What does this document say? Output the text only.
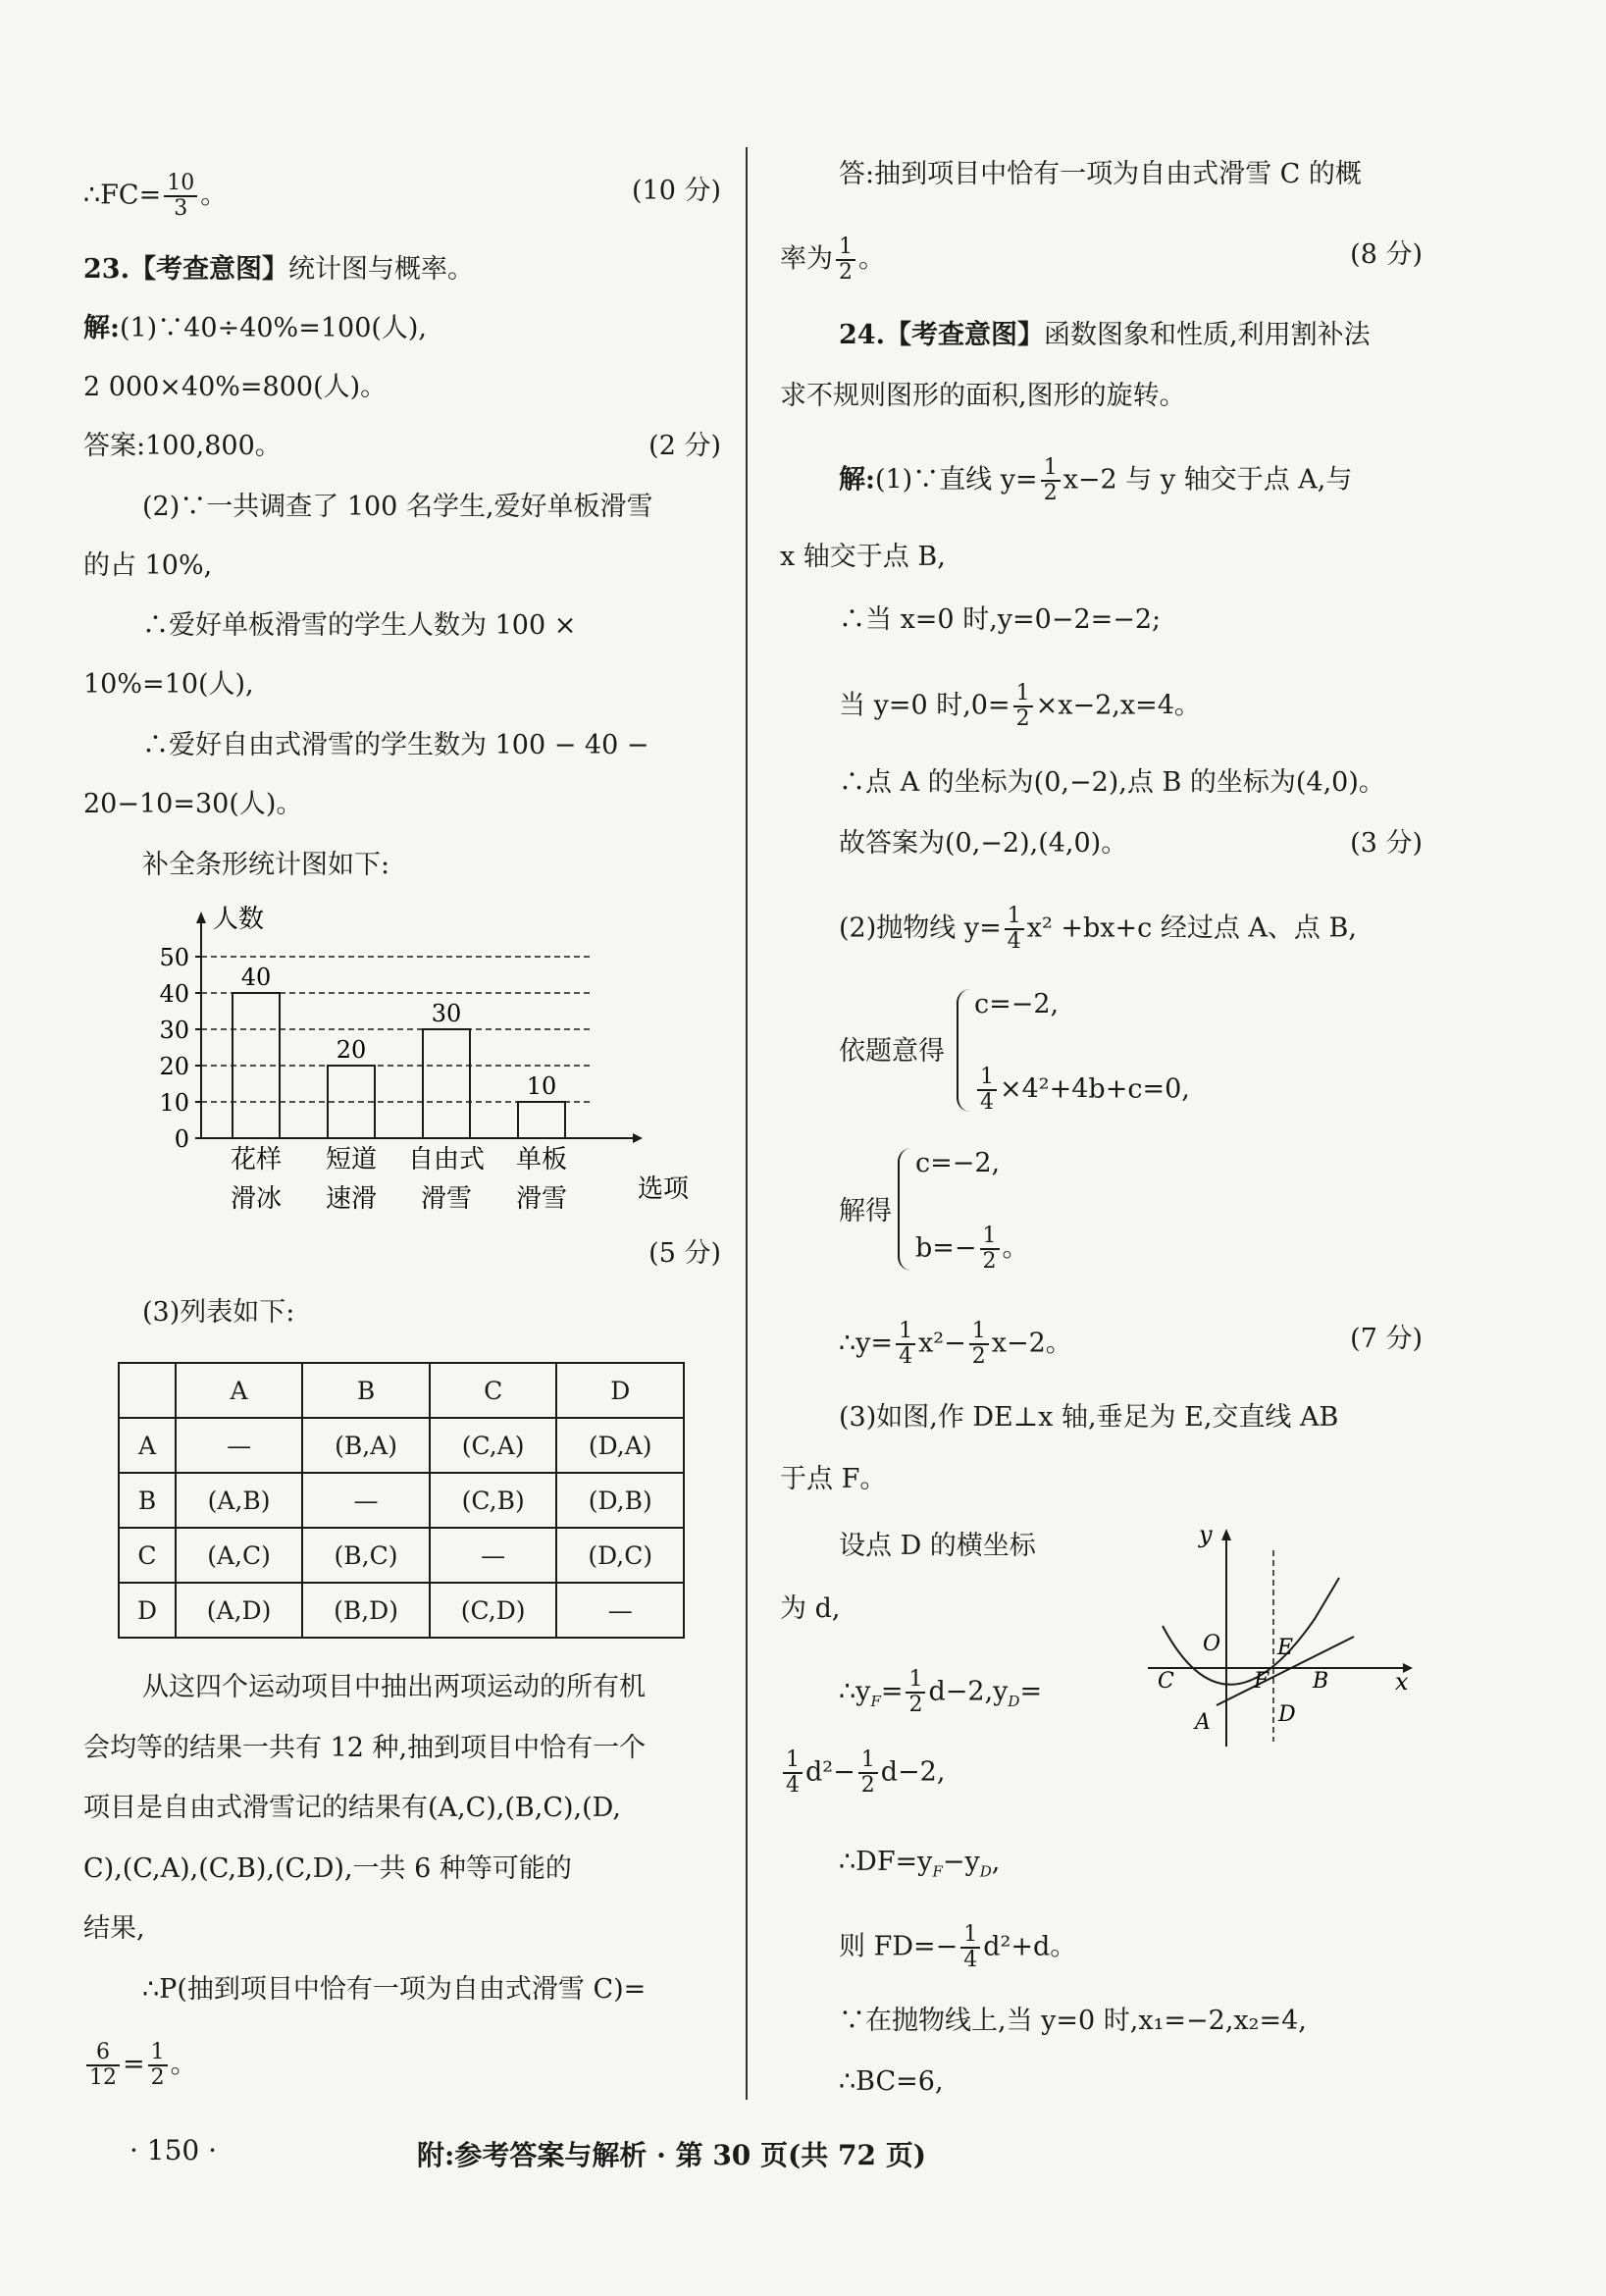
∴FC= $\frac{10}{3}$ 。	(10 分)
23.【考查意图】统计图与概率。
解:(1)∵40÷40%=100(人),
2 000×40%=800(人)。
答案:100,800。	(2 分)
(2)∵一共调查了 100 名学生,爱好单板滑雪
的占 10%,
∴爱好单板滑雪的学生人数为 100 ×
10%=10(人),
∴爱好自由式滑雪的学生数为 100 − 40 −
20−10=30(人)。
补全条形统计图如下:
0
10
20
30
40
50
人数
选项
40
花样
滑冰
20
短道
速滑
30
自由式
滑雪
10
单板
滑雪
(5 分)
(3)列表如下:
	A	B	C	D
A	—	(B,A)	(C,A)	(D,A)
B	(A,B)	—	(C,B)	(D,B)
C	(A,C)	(B,C)	—	(D,C)
D	(A,D)	(B,D)	(C,D)	—
从这四个运动项目中抽出两项运动的所有机
会均等的结果一共有 12 种,抽到项目中恰有一个
项目是自由式滑雪记的结果有(A,C),(B,C),(D,
C),(C,A),(C,B),(C,D),一共 6 种等可能的
结果,
∴P(抽到项目中恰有一项为自由式滑雪 C)=
$\frac{6}{12} = \frac{1}{2}$ 。
答:抽到项目中恰有一项为自由式滑雪 C 的概
率为 $\frac{1}{2}$ 。	(8 分)
24.【考查意图】函数图象和性质,利用割补法
求不规则图形的面积,图形的旋转。
解:(1)∵直线 $y= \frac{1}{2} x-2$ 与 y 轴交于点 A,与
x 轴交于点 B,
∴当 x=0 时,y=0−2=−2;
当 y=0 时$,0= \frac{1}{2} \times x-2,x=4$。
∴点 A 的坐标为(0,−2),点 B 的坐标为(4,0)。
故答案为(0,−2),(4,0)。	(3 分)
(2)抛物线 $y= \frac{1}{4} x^2 +bx+c$ 经过点 A、点 B,
依题意得
c=−2,
$\frac{1}{4} \times 4^2+4b+c=0$,
解得
c=−2,
$b=- \frac{1}{2}$ 。
∴y= $\frac{1}{4} x^2- \frac{1}{2} x-2$。	(7 分)
(3)如图,作 DE⊥x 轴,垂足为 E,交直线 AB
于点 F。
设点 D 的横坐标
为 d,
$\therefore y_F= \frac{1}{2} d-2,y_D=$
$\frac{1}{4} d^2- \frac{1}{2} d-2$,
$\therefore DF=y_F-y_D$,
则 $FD=- \frac{1}{4} d^2+d$。
∵在抛物线上,当 y=0 时,x₁=−2,x₂=4,
∴BC=6,
y
x
O	E
C	F B
A	D
· 150 ·	附:参考答案与解析 · 第 30 页(共 72 页)
